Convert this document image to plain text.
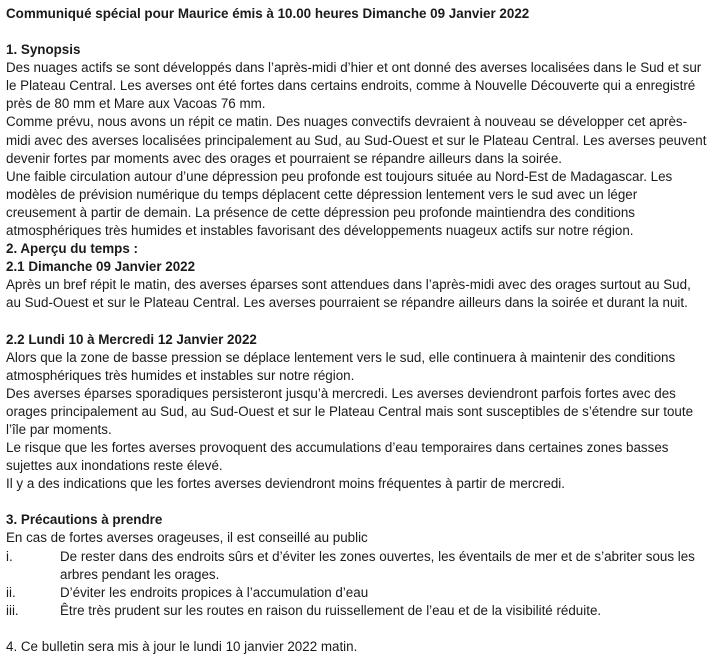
Communiqué spécial pour Maurice émis à 10.00 heures Dimanche 09 Janvier 2022

1. Synopsis

Des nuages actifs se sont développés dans l’après-midi d’hier et ont donné des averses localisées dans le Sud et sur le Plateau Central. Les averses ont été fortes dans certains endroits, comme à Nouvelle Découverte qui a enregistré près de 80 mm et Mare aux Vacoas 76 mm.

Comme prévu, nous avons un répit ce matin. Des nuages convectifs devraient à nouveau se développer cet après-midi avec des averses localisées principalement au Sud, au Sud-Ouest et sur le Plateau Central. Les averses peuvent devenir fortes par moments avec des orages et pourraient se répandre ailleurs dans la soirée.

Une faible circulation autour d’une dépression peu profonde est toujours située au Nord-Est de Madagascar. Les modèles de prévision numérique du temps déplacent cette dépression lentement vers le sud avec un léger creusement à partir de demain. La présence de cette dépression peu profonde maintiendra des conditions atmosphériques très humides et instables favorisant des développements nuageux actifs sur notre région.

2. Aperçu du temps :

2.1 Dimanche 09 Janvier 2022

Après un bref répit le matin, des averses éparses sont attendues dans l’après-midi avec des orages surtout au Sud, au Sud-Ouest et sur le Plateau Central. Les averses pourraient se répandre ailleurs dans la soirée et durant la nuit.

2.2 Lundi 10 à Mercredi 12 Janvier 2022

Alors que la zone de basse pression se déplace lentement vers le sud, elle continuera à maintenir des conditions atmosphériques très humides et instables sur notre région.

Des averses éparses sporadiques persisteront jusqu’à mercredi. Les averses deviendront parfois fortes avec des orages principalement au Sud, au Sud-Ouest et sur le Plateau Central mais sont susceptibles de s’étendre sur toute l’île par moments.

Le risque que les fortes averses provoquent des accumulations d’eau temporaires dans certaines zones basses sujettes aux inondations reste élevé.

Il y a des indications que les fortes averses deviendront moins fréquentes à partir de mercredi.

3. Précautions à prendre

En cas de fortes averses orageuses, il est conseillé au public

i.	De rester dans des endroits sûrs et d’éviter les zones ouvertes, les éventails de mer et de s’abriter sous les arbres pendant les orages.
ii.	D’éviter les endroits propices à l’accumulation d’eau
iii.	Être très prudent sur les routes en raison du ruissellement de l’eau et de la visibilité réduite.

4. Ce bulletin sera mis à jour le lundi 10 janvier 2022 matin.
